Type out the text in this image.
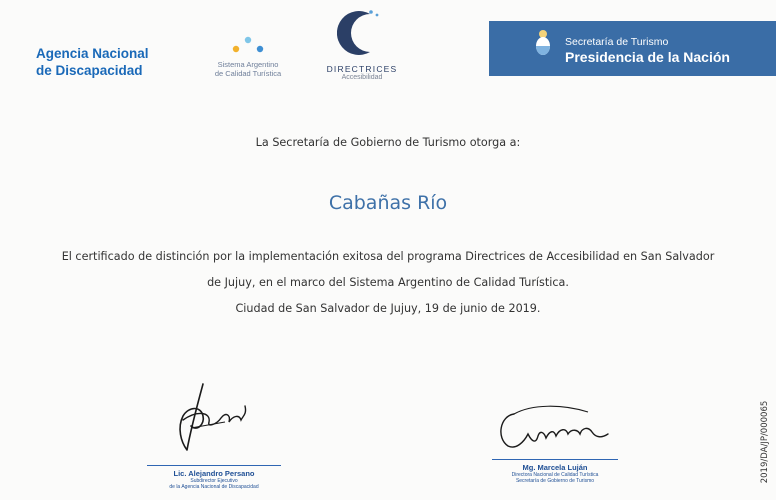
Agencia Nacional
de Discapacidad	Sistema Argentino
de Calidad Turística	DIRECTRICES
Accesibilidad
Secretaría de Turismo
Presidencia de la Nación
La Secretaría de Gobierno de Turismo otorga a:
Cabañas Río
El certificado de distinción por la implementación exitosa del programa Directrices de Accesibilidad en San Salvador
de Jujuy, en el marco del Sistema Argentino de Calidad Turística.
Ciudad de San Salvador de Jujuy, 19 de junio de 2019.
Lic. Alejandro Persano
Subdirector Ejecutivo
de la Agencia Nacional de Discapacidad
Mg. Marcela Luján
Directora Nacional de Calidad Turística
Secretaría de Gobierno de Turismo	2019/DA/JP/000065
